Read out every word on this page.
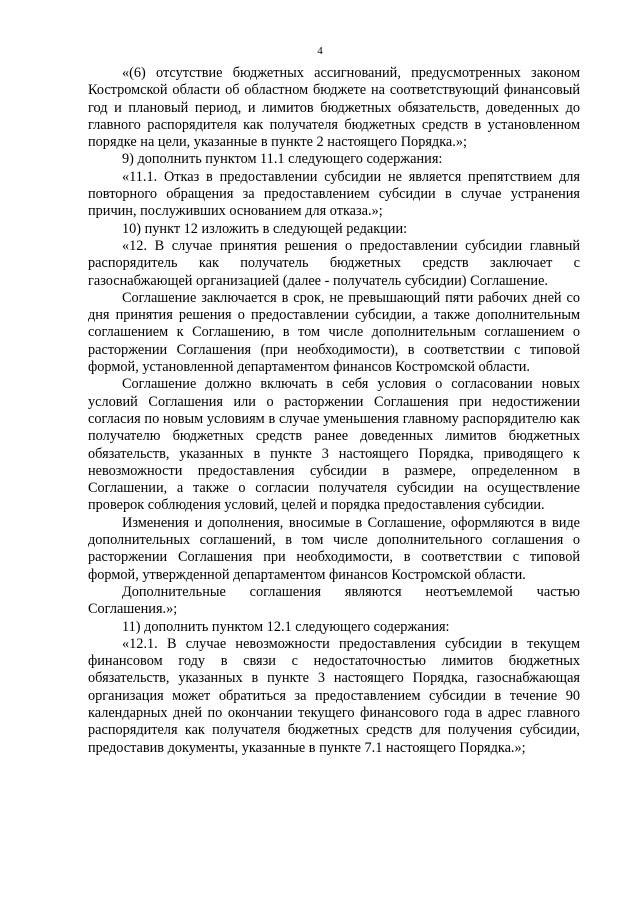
4

«(6) отсутствие бюджетных ассигнований, предусмотренных законом Костромской области об областном бюджете на соответствующий финансовый год и плановый период, и лимитов бюджетных обязательств, доведенных до главного распорядителя как получателя бюджетных средств в установленном порядке на цели, указанные в пункте 2 настоящего Порядка.»;

9) дополнить пунктом 11.1 следующего содержания:

«11.1. Отказ в предоставлении субсидии не является препятствием для повторного обращения за предоставлением субсидии в случае устранения причин, послуживших основанием для отказа.»;

10) пункт 12 изложить в следующей редакции:

«12. В случае принятия решения о предоставлении субсидии главный распорядитель как получатель бюджетных средств заключает с газоснабжающей организацией (далее - получатель субсидии) Соглашение.

Соглашение заключается в срок, не превышающий пяти рабочих дней со дня принятия решения о предоставлении субсидии, а также дополнительным соглашением к Соглашению, в том числе дополнительным соглашением о расторжении Соглашения (при необходимости), в соответствии с типовой формой, установленной департаментом финансов Костромской области.

Соглашение должно включать в себя условия о согласовании новых условий Соглашения или о расторжении Соглашения при недостижении согласия по новым условиям в случае уменьшения главному распорядителю как получателю бюджетных средств ранее доведенных лимитов бюджетных обязательств, указанных в пункте 3 настоящего Порядка, приводящего к невозможности предоставления субсидии в размере, определенном в Соглашении, а также о согласии получателя субсидии на осуществление проверок соблюдения условий, целей и порядка предоставления субсидии.

Изменения и дополнения, вносимые в Соглашение, оформляются в виде дополнительных соглашений, в том числе дополнительного соглашения о расторжении Соглашения при необходимости, в соответствии с типовой формой, утвержденной департаментом финансов Костромской области.

Дополнительные соглашения являются неотъемлемой частью Соглашения.»;

11) дополнить пунктом 12.1 следующего содержания:

«12.1. В случае невозможности предоставления субсидии в текущем финансовом году в связи с недостаточностью лимитов бюджетных обязательств, указанных в пункте 3 настоящего Порядка, газоснабжающая организация может обратиться за предоставлением субсидии в течение 90 календарных дней по окончании текущего финансового года в адрес главного распорядителя как получателя бюджетных средств для получения субсидии, предоставив документы, указанные в пункте 7.1 настоящего Порядка.»;
